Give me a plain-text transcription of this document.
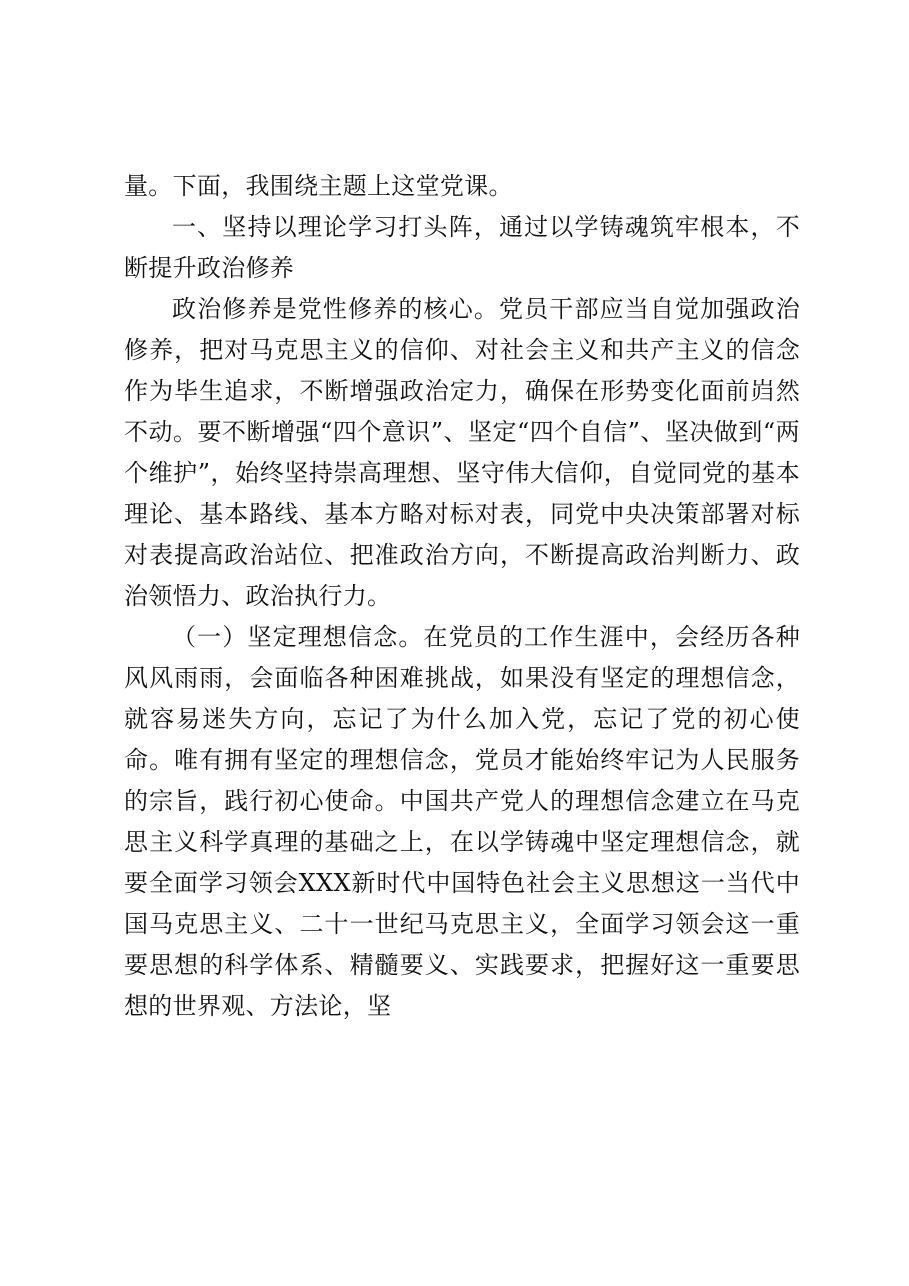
量。下面，我围绕主题上这堂党课。

一、坚持以理论学习打头阵，通过以学铸魂筑牢根本，不断提升政治修养

政治修养是党性修养的核心。党员干部应当自觉加强政治修养，把对马克思主义的信仰、对社会主义和共产主义的信念作为毕生追求，不断增强政治定力，确保在形势变化面前岿然不动。要不断增强“四个意识”、坚定“四个自信”、坚决做到“两个维护”，始终坚持崇高理想、坚守伟大信仰，自觉同党的基本理论、基本路线、基本方略对标对表，同党中央决策部署对标对表提高政治站位、把准政治方向，不断提高政治判断力、政治领悟力、政治执行力。

（一）坚定理想信念。在党员的工作生涯中，会经历各种风风雨雨，会面临各种困难挑战，如果没有坚定的理想信念，就容易迷失方向，忘记了为什么加入党，忘记了党的初心使命。唯有拥有坚定的理想信念，党员才能始终牢记为人民服务的宗旨，践行初心使命。中国共产党人的理想信念建立在马克思主义科学真理的基础之上，在以学铸魂中坚定理想信念，就要全面学习领会XXX新时代中国特色社会主义思想这一当代中国马克思主义、二十一世纪马克思主义，全面学习领会这一重要思想的科学体系、精髓要义、实践要求，把握好这一重要思想的世界观、方法论，坚
